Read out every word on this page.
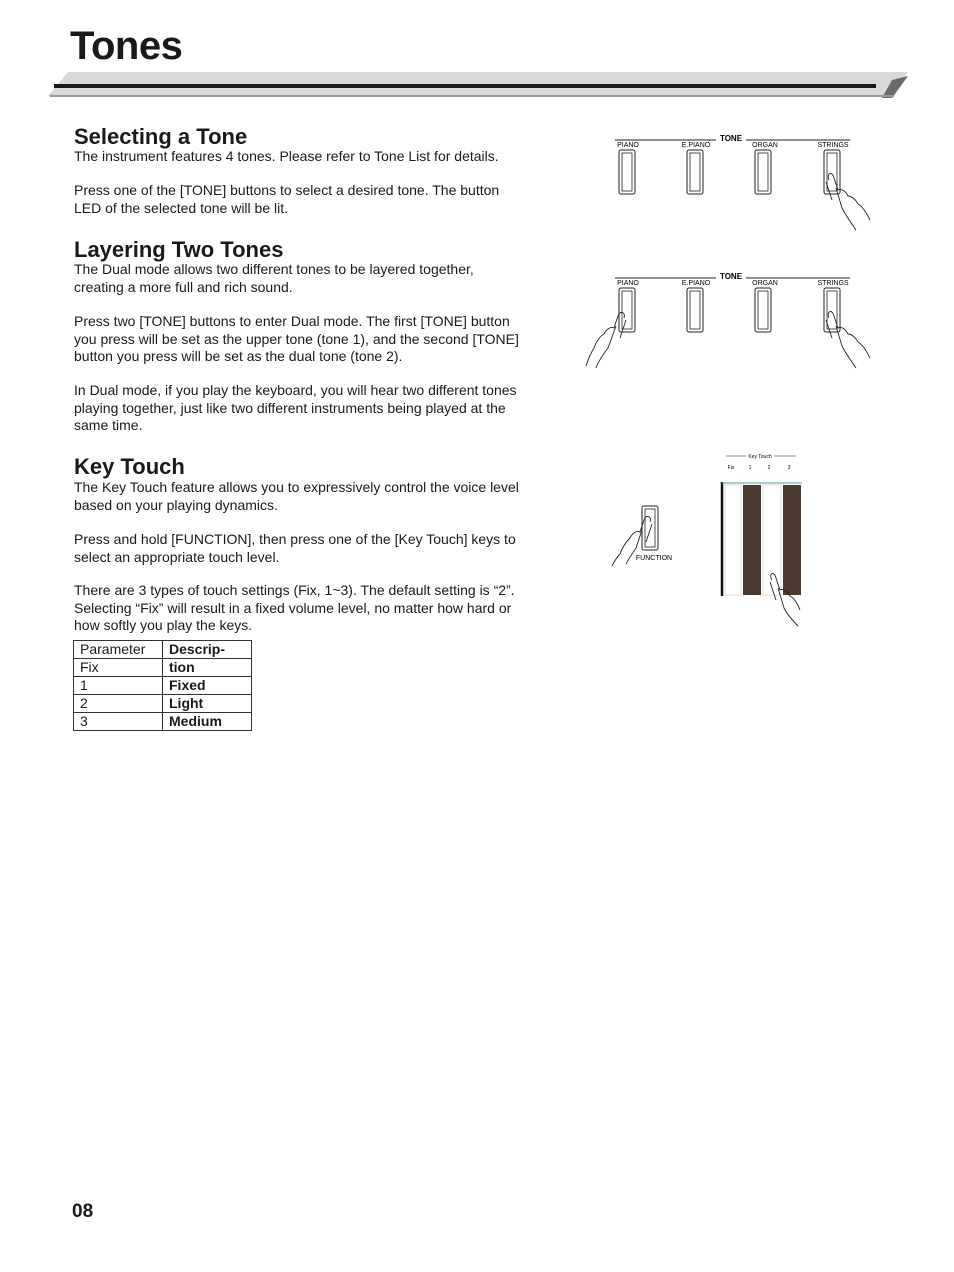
Tones
Selecting a Tone

The instrument features 4 tones. Please refer to Tone List for details.

Press one of the [TONE] buttons to select a desired tone. The button
LED of the selected tone will be lit.

Layering Two Tones

The Dual mode allows two different tones to be layered together,
creating a more full and rich sound.

Press two [TONE] buttons to enter Dual mode. The first [TONE] button
you press will be set as the upper tone (tone 1), and the second [TONE]
button you press will be set as the dual tone (tone 2).

In Dual mode, if you play the keyboard, you will hear two different tones
playing together, just like two different instruments being played at the
same time.

Key Touch

The Key Touch feature allows you to expressively control the voice level
based on your playing dynamics.

Press and hold [FUNCTION], then press one of the [Key Touch] keys to
select an appropriate touch level.

There are 3 types of touch settings (Fix, 1~3). The default setting is “2”.
Selecting “Fix” will result in a fixed volume level, no matter how hard or
how softly you play the keys.

Parameter	Descrip-
Fix	tion
1	Fixed
2	Light
3	Medium
TONE
PIANO	E.PIANO	ORGAN	STRINGS
TONE
PIANO	E.PIANO	ORGAN	STRINGS
Key Touch
Fix	1	2	3
FUNCTION
08
